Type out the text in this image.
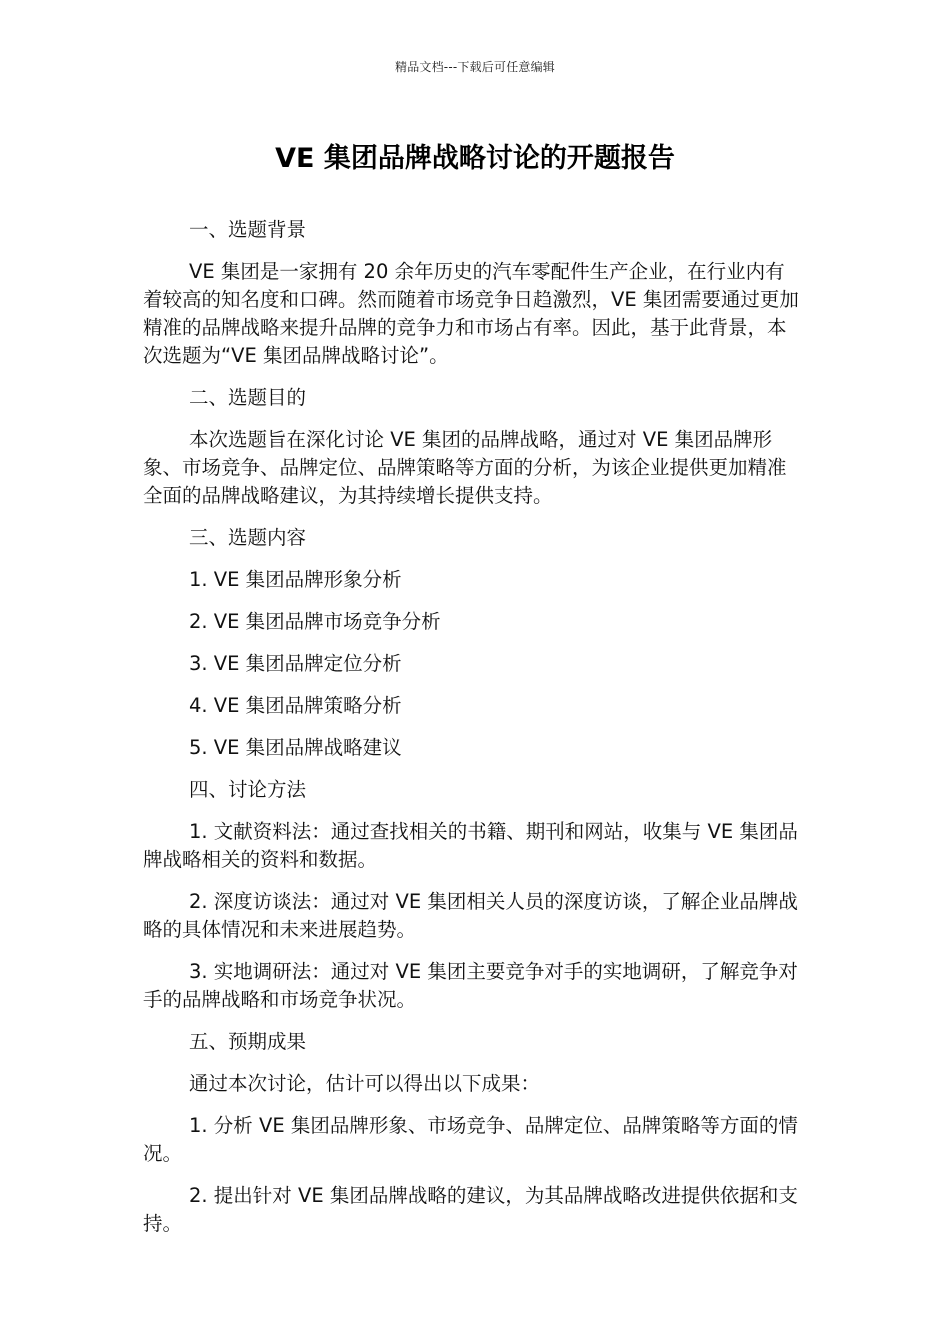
精品文档---下载后可任意编辑
VE 集团品牌战略讨论的开题报告

一、选题背景

VE 集团是一家拥有 20 余年历史的汽车零配件生产企业，在行业内有着较高的知名度和口碑。然而随着市场竞争日趋激烈，VE 集团需要通过更加精准的品牌战略来提升品牌的竞争力和市场占有率。因此，基于此背景，本次选题为“VE 集团品牌战略讨论”。

二、选题目的

本次选题旨在深化讨论 VE 集团的品牌战略，通过对 VE 集团品牌形象、市场竞争、品牌定位、品牌策略等方面的分析，为该企业提供更加精准全面的品牌战略建议，为其持续增长提供支持。

三、选题内容

1. VE 集团品牌形象分析

2. VE 集团品牌市场竞争分析

3. VE 集团品牌定位分析

4. VE 集团品牌策略分析

5. VE 集团品牌战略建议

四、讨论方法

1. 文献资料法：通过查找相关的书籍、期刊和网站，收集与 VE 集团品牌战略相关的资料和数据。

2. 深度访谈法：通过对 VE 集团相关人员的深度访谈，了解企业品牌战略的具体情况和未来进展趋势。

3. 实地调研法：通过对 VE 集团主要竞争对手的实地调研，了解竞争对手的品牌战略和市场竞争状况。

五、预期成果

通过本次讨论，估计可以得出以下成果：

1. 分析 VE 集团品牌形象、市场竞争、品牌定位、品牌策略等方面的情况。

2. 提出针对 VE 集团品牌战略的建议，为其品牌战略改进提供依据和支持。
